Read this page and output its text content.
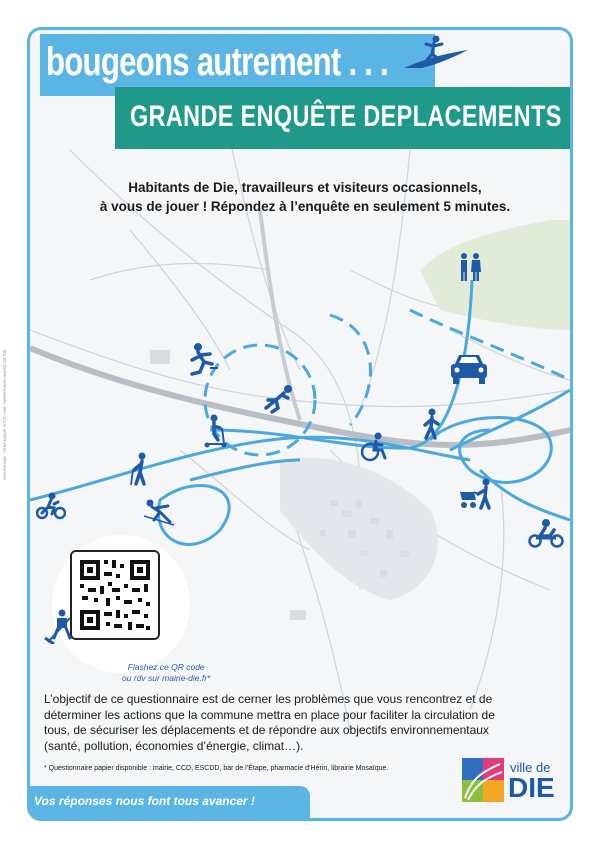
bougeons autrement . . .
GRANDE ENQUÊTE DEPLACEMENTS
Habitants de Die, travailleurs et visiteurs occasionnels,
à vous de jouer ! Répondez à l’enquête en seulement 5 minutes.
Flashez ce QR code
ou rdv sur mairie-die.fr*
L’objectif de ce questionnaire est de cerner les problèmes que vous rencontrez et de
déterminer les actions que la commune mettra en place pour faciliter la circulation de
tous, de sécuriser les déplacements et de répondre aux objectifs environnementaux
(santé, pollution, économies d’énergie, climat…).
* Questionnaire papier disponible : mairie, CCD, ESCDD, bar de l’Étape, pharmacie d’Hérin, librairie Mosaïque.
Vos réponses nous font tous avancer !
ville de
DIE
GRAPHISME : VÉRONIQUE PITTE / DIE. IMPRESSION MAIRIE DE DIE
